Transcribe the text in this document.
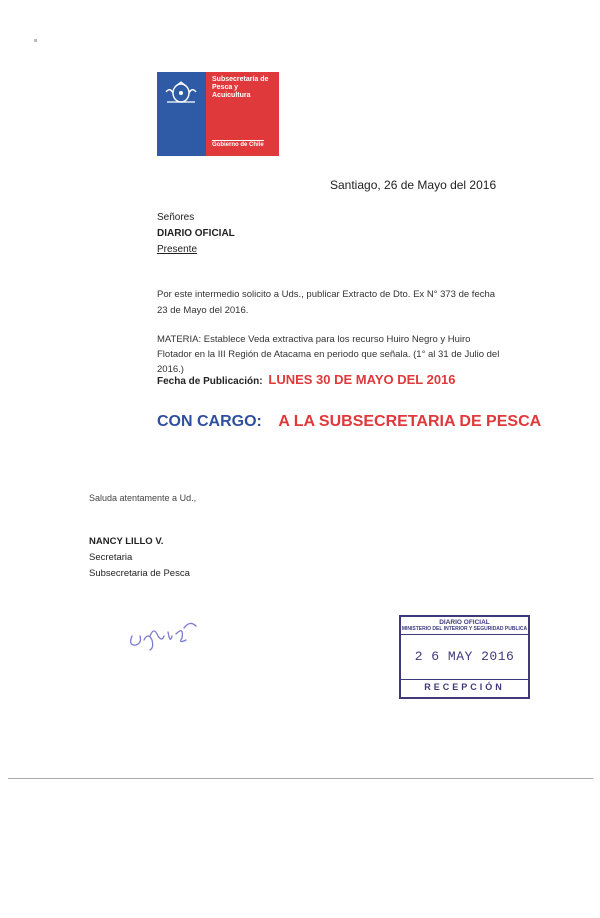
Subsecretaría de Pesca y Acuicultura
Gobierno de Chile
Santiago, 26 de Mayo del 2016
Señores
DIARIO OFICIAL
Presente
Por este intermedio solicito a Uds., publicar Extracto de Dto. Ex N° 373 de fecha 23 de Mayo del 2016.
MATERIA: Establece Veda extractiva para los recurso Huiro Negro y Huiro Flotador en la III Región de Atacama en periodo que señala. (1° al 31 de Julio del 2016.)
Fecha de Publicación: LUNES 30 DE MAYO DEL 2016
CON CARGO: A LA SUBSECRETARIA DE PESCA
Saluda atentamente a Ud.,
NANCY LILLO V.
Secretaria
Subsecretaria de Pesca
DIARIO OFICIAL
MINISTERIO DEL INTERIOR Y SEGURIDAD PUBLICA
2 6 MAY 2016
RECEPCIÓN
